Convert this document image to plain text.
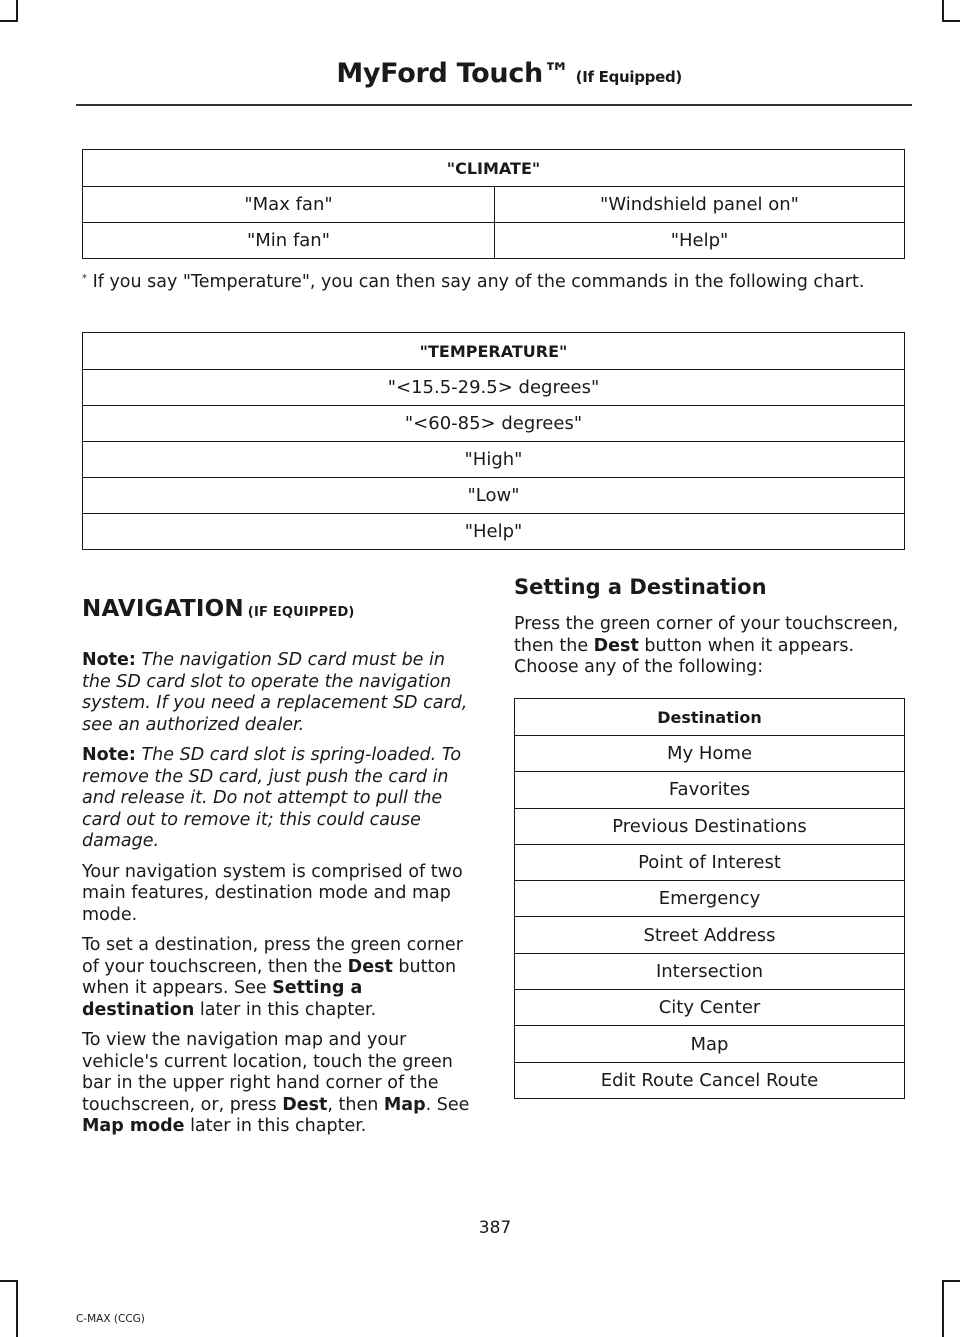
MyFord Touch™ (If Equipped)
"CLIMATE"	
"Max fan"	"Windshield panel on"
"Min fan"	"Help"
* If you say "Temperature", you can then say any of the commands in the following chart.
"TEMPERATURE"
"<15.5-29.5> degrees"
"<60-85> degrees"
"High"
"Low"
"Help"
NAVIGATION (IF EQUIPPED)

Note: The navigation SD card must be in the SD card slot to operate the navigation system. If you need a replacement SD card, see an authorized dealer.

Note: The SD card slot is spring-loaded. To remove the SD card, just push the card in and release it. Do not attempt to pull the card out to remove it; this could cause damage.

Your navigation system is comprised of two main features, destination mode and map mode.

To set a destination, press the green corner of your touchscreen, then the Dest button when it appears. See Setting a destination later in this chapter.

To view the navigation map and your vehicle's current location, touch the green bar in the upper right hand corner of the touchscreen, or, press Dest, then Map. See Map mode later in this chapter.

Setting a Destination

Press the green corner of your touchscreen, then the Dest button when it appears. Choose any of the following:

Destination
My Home
Favorites
Previous Destinations
Point of Interest
Emergency
Street Address
Intersection
City Center
Map
Edit Route Cancel Route
387
C-MAX (CCG)
